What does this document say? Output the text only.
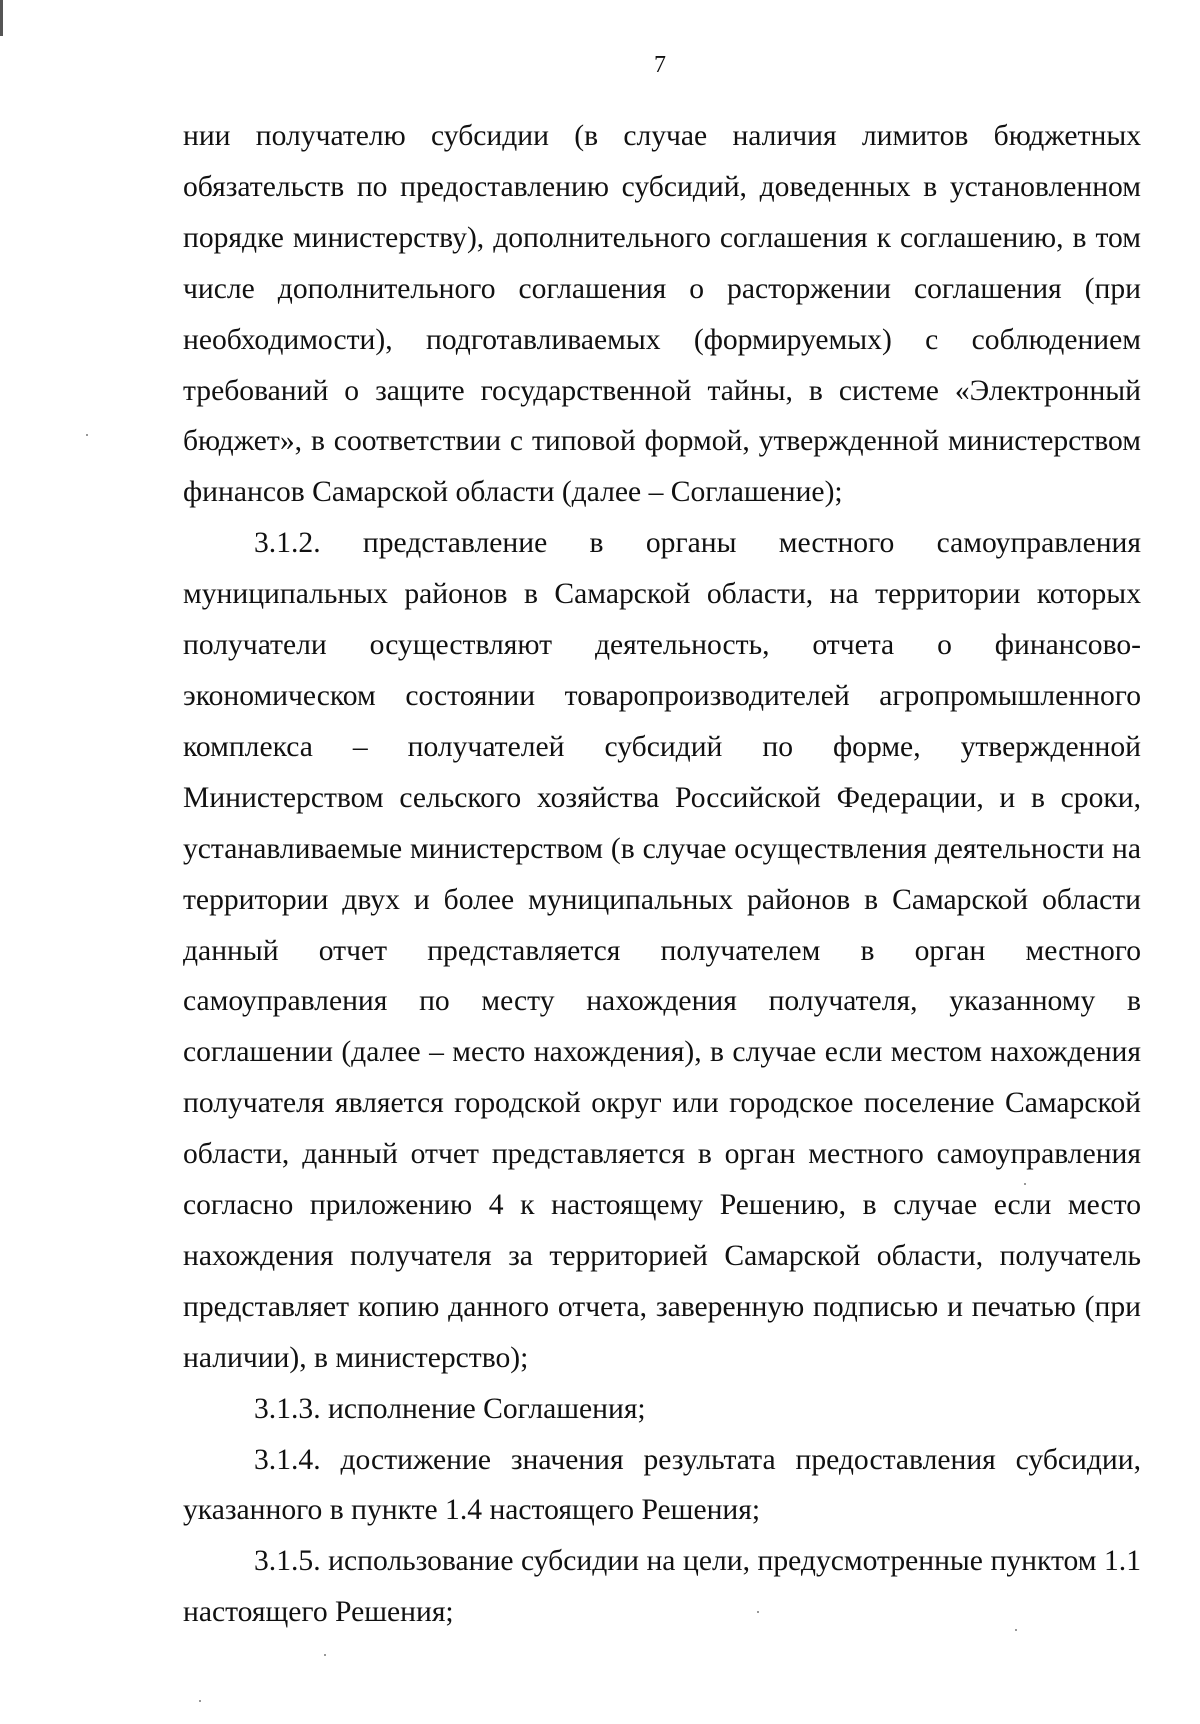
7

нии получателю субсидии (в случае наличия лимитов бюджетных обязательств по предоставлению субсидий, доведенных в установленном порядке министерству), дополнительного соглашения к соглашению, в том числе дополнительного соглашения о расторжении соглашения (при необходимости), подготавливаемых (формируемых) с соблюдением требований о защите государственной тайны, в системе «Электронный бюджет», в соответствии с типовой формой, утвержденной министерством финансов Самарской области (далее – Соглашение);

3.1.2. представление в органы местного самоуправления муниципальных районов в Самарской области, на территории которых получатели осуществляют деятельность, отчета о финансово-экономическом состоянии товаропроизводителей агропромышленного комплекса – получателей субсидий по форме, утвержденной Министерством сельского хозяйства Российской Федерации, и в сроки, устанавливаемые министерством (в случае осуществления деятельности на территории двух и более муниципальных районов в Самарской области данный отчет представляется получателем в орган местного самоуправления по месту нахождения получателя, указанному в соглашении (далее – место нахождения), в случае если местом нахождения получателя является городской округ или городское поселение Самарской области, данный отчет представляется в орган местного самоуправления согласно приложению 4 к настоящему Решению, в случае если место нахождения получателя за территорией Самарской области, получатель представляет копию данного отчета, заверенную подписью и печатью (при наличии), в министерство);

3.1.3. исполнение Соглашения;

3.1.4. достижение значения результата предоставления субсидии, указанного в пункте 1.4 настоящего Решения;

3.1.5. использование субсидии на цели, предусмотренные пунктом 1.1 настоящего Решения;
